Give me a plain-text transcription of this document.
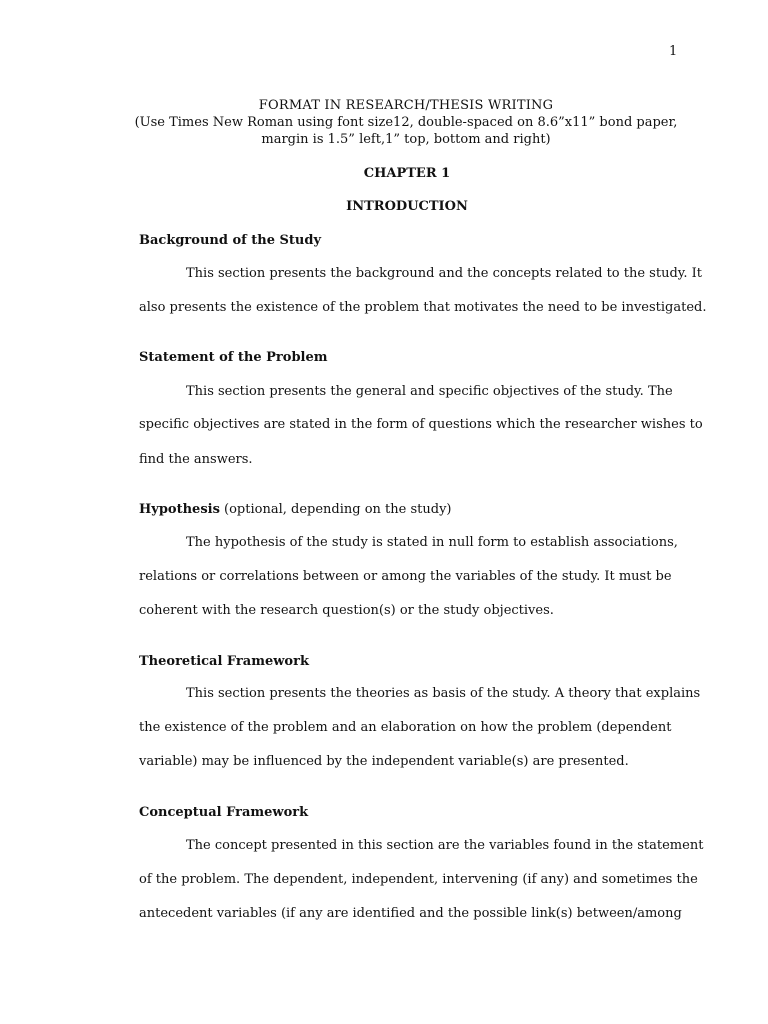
1
FORMAT IN RESEARCH/THESIS WRITING
(Use Times New Roman using font size12, double-spaced on 8.6”x11” bond paper,
margin is 1.5” left,1” top, bottom and right)
CHAPTER 1
INTRODUCTION
Background of the Study
This section presents the background and the concepts related to the study. It
also presents the existence of the problem that motivates the need to be investigated.
Statement of the Problem
This section presents the general and specific objectives of the study. The
specific objectives are stated in the form of questions which the researcher wishes to
find the answers.
Hypothesis (optional, depending on the study)
The hypothesis of the study is stated in null form to establish associations,
relations or correlations between or among the variables of the study. It must be
coherent with the research question(s) or the study objectives.
Theoretical Framework
This section presents the theories as basis of the study. A theory that explains
the existence of the problem and an elaboration on how the problem (dependent
variable) may be influenced by the independent variable(s) are presented.
Conceptual Framework
The concept presented in this section are the variables found in the statement
of the problem. The dependent, independent, intervening (if any) and sometimes the
antecedent variables (if any are identified and the possible link(s) between/among
